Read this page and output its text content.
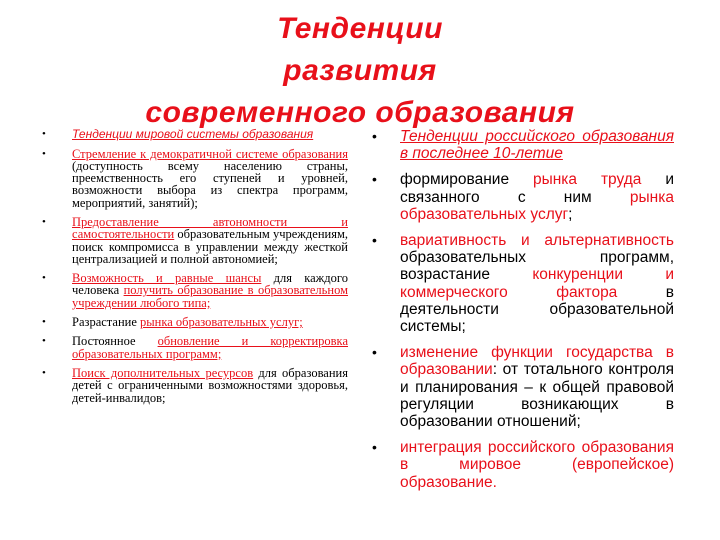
Тенденции
развития
современного образования
• Тенденции мировой системы образования
• Стремление к демократичной системе образования (доступность всему населению страны, преемственность его ступеней и уровней, возможности выбора из спектра программ, мероприятий, занятий);
• Предоставление автономности и самостоятельности образовательным учреждениям, поиск компромисса в управлении между жесткой централизацией и полной автономией;
• Возможность и равные шансы для каждого человека получить образование в образовательном учреждении любого типа;
• Разрастание рынка образовательных услуг;
• Постоянное обновление и корректировка образовательных программ;
• Поиск дополнительных ресурсов для образования детей с ограниченными возможностями здоровья, детей-инвалидов;
• Тенденции российского образования в последнее 10-летие
• формирование рынка труда и связанного с ним рынка образовательных услуг;
• вариативность и альтернативность образовательных программ, возрастание конкуренции и коммерческого фактора в деятельности образовательной системы;
• изменение функции государства в образовании: от тотального контроля и планирования – к общей правовой регуляции возникающих в образовании отношений;
• интеграция российского образования в мировое (европейское) образование.
